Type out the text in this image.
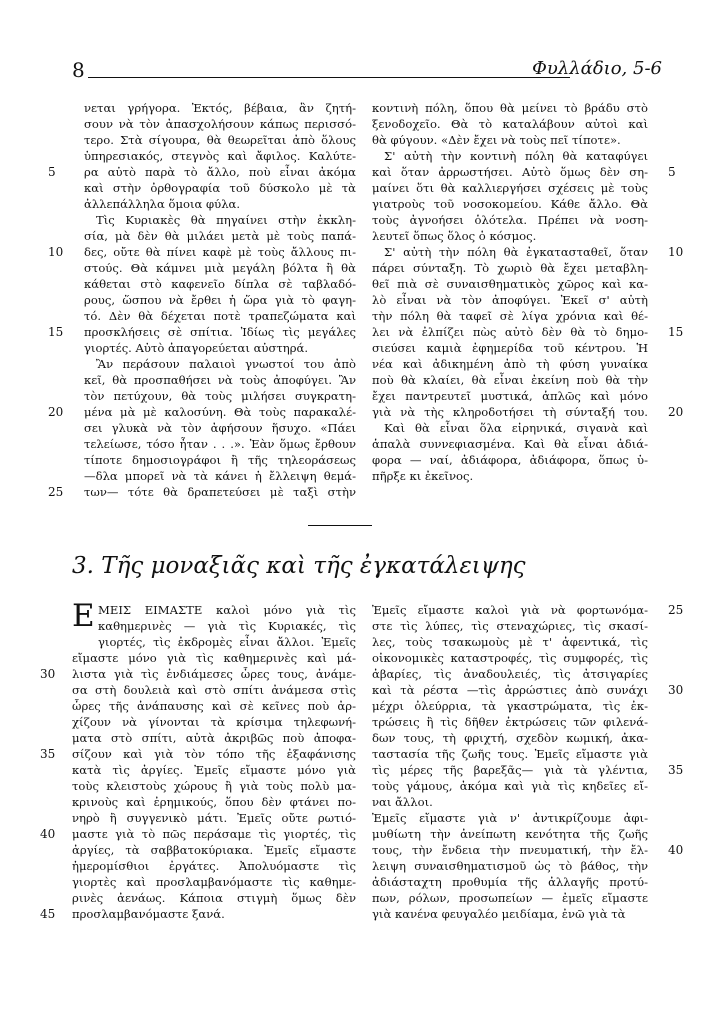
8	Φυλλάδιο, 5-6
νεται γρήγορα. Ἐκτός, βέβαια, ἂν ζητή-
σουν νὰ τὸν ἀπασχολήσουν κάπως περισσό-
τερο. Στὰ σίγουρα, θὰ θεωρεῖται ἀπὸ ὅλους
ὑπηρεσιακός, στεγνὸς καὶ ἄφιλος. Καλύτε-
ρα αὐτὸ παρὰ τὸ ἄλλο, ποὺ εἶναι ἀκόμα
καὶ στὴν ὀρθογραφία τοῦ δύσκολο μὲ τὰ
ἀλλεπάλληλα ὅμοια φύλα.
Τὶς Κυριακὲς θὰ πηγαίνει στὴν ἐκκλη-
σία, μὰ δὲν θὰ μιλάει μετὰ μὲ τοὺς παπά-
δες, οὔτε θὰ πίνει καφὲ μὲ τοὺς ἄλλους πι-
στούς. Θὰ κάμνει μιὰ μεγάλη βόλτα ἢ θὰ
κάθεται στὸ καφενεῖο δίπλα σὲ ταβλαδό-
ρους, ὥσπου νὰ ἔρθει ἡ ὥρα γιὰ τὸ φαγη-
τό. Δὲν θὰ δέχεται ποτὲ τραπεζώματα καὶ
προσκλήσεις σὲ σπίτια. Ἰδίως τὶς μεγάλες
γιορτές. Αὐτὸ ἀπαγορεύεται αὐστηρά.
Ἂν περάσουν παλαιοὶ γνωστοί του ἀπὸ
κεῖ, θὰ προσπαθήσει νὰ τοὺς ἀποφύγει. Ἂν
τὸν πετύχουν, θὰ τοὺς μιλήσει συγκρατη-
μένα μὰ μὲ καλοσύνη. Θὰ τοὺς παρακαλέ-
σει γλυκὰ νὰ τὸν ἀφήσουν ἥσυχο. «Πάει
τελείωσε, τόσο ἦταν . . .». Ἐὰν ὅμως ἔρθουν
τίποτε δημοσιογράφοι ἢ τῆς τηλεοράσεως
—δλα μπορεῖ νὰ τὰ κάνει ἡ ἔλλειψη θεμά-
των— τότε θὰ δραπετεύσει μὲ ταξὶ στὴν
κοντινὴ πόλη, ὅπου θὰ μείνει τὸ βράδυ στὸ
ξενοδοχεῖο. Θὰ τὸ καταλάβουν αὐτοὶ καὶ
θὰ φύγουν. «Δὲν ἔχει νὰ τοὺς πεῖ τίποτε».
Σ' αὐτὴ τὴν κοντινὴ πόλη θὰ καταφύγει
καὶ ὅταν ἀρρωστήσει. Αὐτὸ ὅμως δὲν ση-
μαίνει ὅτι θὰ καλλιεργήσει σχέσεις μὲ τοὺς
γιατροὺς τοῦ νοσοκομείου. Κάθε ἄλλο. Θὰ
τοὺς ἀγνοήσει ὁλότελα. Πρέπει νὰ νοση-
λευτεῖ ὅπως ὅλος ὁ κόσμος.
Σ' αὐτὴ τὴν πόλη θὰ ἐγκατασταθεῖ, ὅταν
πάρει σύνταξη. Τὸ χωριὸ θὰ ἔχει μεταβλη-
θεῖ πιὰ σὲ συναισθηματικὸς χῶρος καὶ κα-
λὸ εἶναι νὰ τὸν ἀποφύγει. Ἐκεῖ σ' αὐτὴ
τὴν πόλη θὰ ταφεῖ σὲ λίγα χρόνια καὶ θέ-
λει νὰ ἐλπίζει πὼς αὐτὸ δὲν θὰ τὸ δημο-
σιεύσει καμιὰ ἐφημερίδα τοῦ κέντρου. Ἡ
νέα καὶ ἀδικημένη ἀπὸ τὴ φύση γυναίκα
ποὺ θὰ κλαίει, θὰ εἶναι ἐκείνη ποὺ θὰ τὴν
ἔχει παντρευτεῖ μυστικά, ἁπλῶς καὶ μόνο
γιὰ νὰ τὴς κληροδοτήσει τὴ σύνταξή του.
Καὶ θὰ εἶναι ὅλα εἰρηνικά, σιγανὰ καὶ
ἁπαλὰ συννεφιασμένα. Καὶ θὰ εἶναι ἀδιά-
φορα — ναί, ἀδιάφορα, ἀδιάφορα, ὅπως ὑ-
πῆρξε κι ἐκεῖνος.
3. Τῆς μοναξιᾶς καὶ τῆς ἐγκατάλειψης
Ε ΜΕΙΣ ΕΙΜΑΣΤΕ καλοὶ μόνο γιὰ τὶς
καθημερινὲς — γιὰ τὶς Κυριακές, τὶς
γιορτές, τὶς ἐκδρομὲς εἶναι ἄλλοι. Ἐμεῖς
εἴμαστε μόνο γιὰ τὶς καθημερινὲς καὶ μά-
λιστα γιὰ τὶς ἐνδιάμεσες ὧρες τους, ἀνάμε-
σα στὴ δουλειὰ καὶ στὸ σπίτι ἀνάμεσα στὶς
ὧρες τῆς ἀνάπαυσης καὶ σὲ κεῖνες ποὺ ἀρ-
χίζουν νὰ γίνονται τὰ κρίσιμα τηλεφωνή-
ματα στὸ σπίτι, αὐτὰ ἀκριβῶς ποὺ ἀποφα-
σίζουν καὶ γιὰ τὸν τόπο τῆς ἐξαφάνισης
κατὰ τὶς ἀργίες. Ἐμεῖς εἴμαστε μόνο γιὰ
τοὺς κλειστοὺς χώρους ἢ γιὰ τοὺς πολὺ μα-
κρινοὺς καὶ ἐρημικούς, ὅπου δὲν φτάνει πο-
νηρὸ ἢ συγγενικὸ μάτι. Ἐμεῖς οὔτε ρωτιό-
μαστε γιὰ τὸ πῶς περάσαμε τὶς γιορτές, τὶς
ἀργίες, τὰ σαββατοκύριακα. Ἐμεῖς εἴμαστε
ἡμερομίσθιοι ἐργάτες. Ἀπολυόμαστε τὶς
γιορτὲς καὶ προσλαμβανόμαστε τὶς καθημε-
ρινὲς ἀενάως. Κάποια στιγμὴ ὅμως δὲν
προσλαμβανόμαστε ξανά.
Ἐμεῖς εἴμαστε καλοὶ γιὰ νὰ φορτωνόμα-
στε τὶς λύπες, τὶς στεναχώριες, τὶς σκασί-
λες, τοὺς τσακωμοὺς μὲ τ' ἀφεντικά, τὶς
οἰκονομικὲς καταστροφές, τὶς συμφορές, τὶς
ἀβαρίες, τὶς ἀναδουλειές, τὶς ἀτσιγαρίες
καὶ τὰ ρέστα —τὶς ἀρρώστιες ἀπὸ συνάχι
μέχρι ὀλεύρρια, τὰ γκαστρώματα, τὶς ἐκ-
τρώσεις ἢ τὶς δῆθεν ἐκτρώσεις τῶν φιλενά-
δων τους, τὴ φριχτή, σχεδὸν κωμική, ἀκα-
ταστασία τῆς ζωῆς τους. Ἐμεῖς εἴμαστε γιὰ
τὶς μέρες τῆς βαρεξᾶς— γιὰ τὰ γλέντια,
τοὺς γάμους, ἀκόμα καὶ γιὰ τὶς κηδεῖες εἴ-
ναι ἄλλοι.
Ἐμεῖς εἴμαστε γιὰ ν' ἀντικρίζουμε ἀφι-
μυθίωτη τὴν ἀνείπωτη κενότητα τῆς ζωῆς
τους, τὴν ἔνδεια τὴν πνευματική, τὴν ἔλ-
λειψη συναισθηματισμοῦ ὡς τὸ βάθος, τὴν
ἀδιάσταχτη προθυμία τῆς ἀλλαγῆς προτύ-
πων, ρόλων, προσωπείων — ἐμεῖς εἴμαστε
γιὰ κανένα φευγαλέο μειδίαμα, ἐνῶ γιὰ τὰ
5
10
15
20
25
5
10
15
20
30
35
40
45
25
30
35
40
